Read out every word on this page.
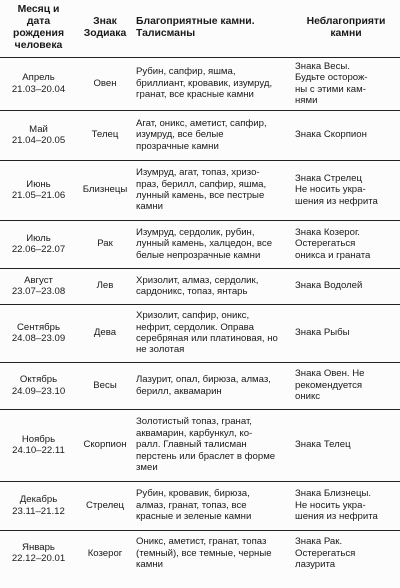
Месяц и
дата
рождения
человека	Знак
Зодиака	Благоприятные камни.
Талисманы	Неблагоприяти
камни
Апрель
21.03–20.04	Овен	Рубин, сапфир, яшма,
бриллиант, кровавик, изумруд,
гранат, все красные камни	Знака Весы.
Будьте осторож-
ны с этими кам-
нями
Май
21.04–20.05	Телец	Агат, оникс, аметист, сапфир,
изумруд, все белые
прозрачные камни	Знака Скорпион
Июнь
21.05–21.06	Близнецы	Изумруд, агат, топаз, хризо-
праз, берилл, сапфир, яшма,
лунный камень, все пестрые
камни	Знака Стрелец
Не носить укра-
шения из нефрита
Июль
22.06–22.07	Рак	Изумруд, сердолик, рубин,
лунный камень, халцедон, все
белые непрозрачные камни	Знака Козерог.
Остерегаться
оникса и граната
Август
23.07–23.08	Лев	Хризолит, алмаз, сердолик,
сардоникс, топаз, янтарь	Знака Водолей
Сентябрь
24.08–23.09	Дева	Хризолит, сапфир, оникс,
нефрит, сердолик. Оправа
серебряная или платиновая, но
не золотая	Знака Рыбы
Октябрь
24.09–23.10	Весы	Лазурит, опал, бирюза, алмаз,
берилл, аквамарин	Знака Овен. Не
рекомендуется
оникс
Ноябрь
24.10–22.11	Скорпион	Золотистый топаз, гранат,
аквамарин, карбункул, ко-
ралл. Главный талисман
перстень или браслет в форме
змеи	Знака Телец
Декабрь
23.11–21.12	Стрелец	Рубин, кровавик, бирюза,
алмаз, гранат, топаз, все
красные и зеленые камни	Знака Близнецы.
Не носить укра-
шения из нефрита
Январь
22.12–20.01	Козерог	Оникс, аметист, гранат, топаз
(темный), все темные, черные
камни	Знака Рак.
Остерегаться
лазурита
